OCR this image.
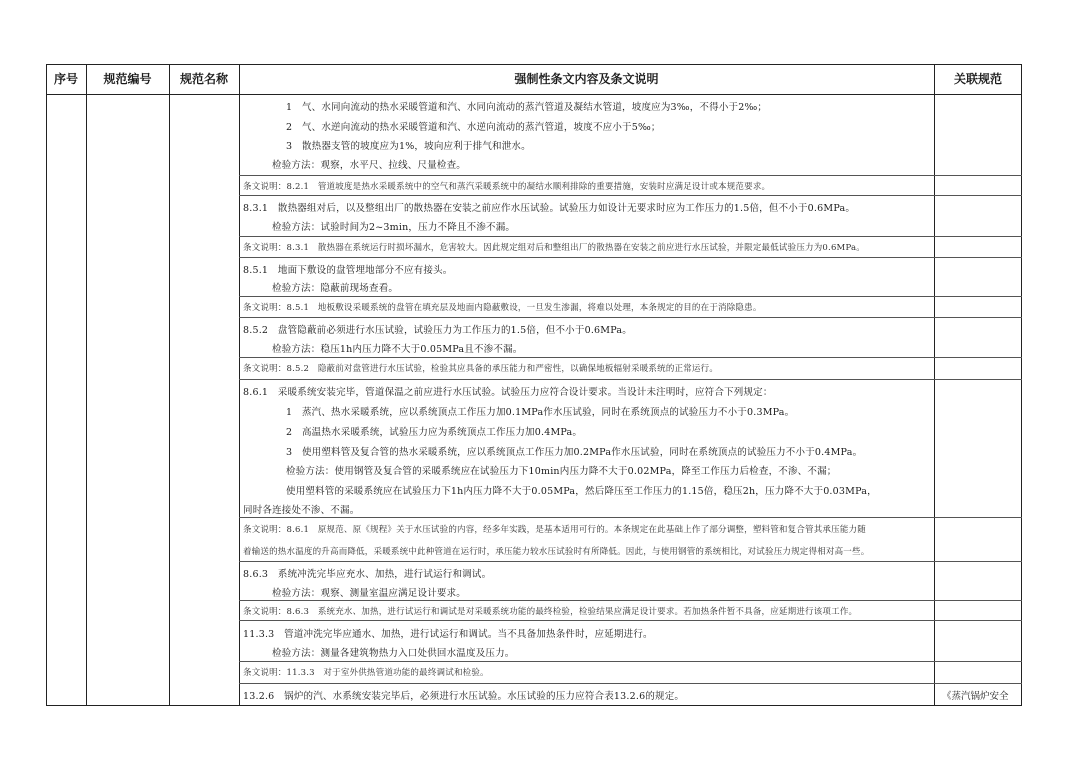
序号	规范编号	规范名称	强制性条文内容及条文说明	关联规范
1　气、水同向流动的热水采暖管道和汽、水同向流动的蒸汽管道及凝结水管道，坡度应为3‰，不得小于2‰；
2　气、水逆向流动的热水采暖管道和汽、水逆向流动的蒸汽管道，坡度不应小于5‰；
3　散热器支管的坡度应为1%，坡向应利于排气和泄水。
检验方法：观察，水平尺、拉线、尺量检查。
条文说明：8.2.1　管道坡度是热水采暖系统中的空气和蒸汽采暖系统中的凝结水顺利排除的重要措施，安装时应满足设计或本规范要求。
8.3.1　散热器组对后，以及整组出厂的散热器在安装之前应作水压试验。试验压力如设计无要求时应为工作压力的1.5倍，但不小于0.6MPa。
检验方法：试验时间为2~3min，压力不降且不渗不漏。
条文说明：8.3.1　散热器在系统运行时损坏漏水，危害较大。因此规定组对后和整组出厂的散热器在安装之前应进行水压试验，并限定最低试验压力为0.6MPa。
8.5.1　地面下敷设的盘管埋地部分不应有接头。
检验方法：隐蔽前现场查看。
条文说明：8.5.1　地板敷设采暖系统的盘管在填充层及地面内隐蔽敷设，一旦发生渗漏，将难以处理，本条规定的目的在于消除隐患。
8.5.2　盘管隐蔽前必须进行水压试验，试验压力为工作压力的1.5倍，但不小于0.6MPa。
检验方法：稳压1h内压力降不大于0.05MPa且不渗不漏。
条文说明：8.5.2　隐蔽前对盘管进行水压试验，检验其应具备的承压能力和严密性，以确保地板辐射采暖系统的正常运行。
8.6.1　采暖系统安装完毕，管道保温之前应进行水压试验。试验压力应符合设计要求。当设计未注明时，应符合下列规定：
1　蒸汽、热水采暖系统，应以系统顶点工作压力加0.1MPa作水压试验，同时在系统顶点的试验压力不小于0.3MPa。
2　高温热水采暖系统，试验压力应为系统顶点工作压力加0.4MPa。
3　使用塑料管及复合管的热水采暖系统，应以系统顶点工作压力加0.2MPa作水压试验，同时在系统顶点的试验压力不小于0.4MPa。
检验方法：使用钢管及复合管的采暖系统应在试验压力下10min内压力降不大于0.02MPa，降至工作压力后检查，不渗、不漏；
使用塑料管的采暖系统应在试验压力下1h内压力降不大于0.05MPa，然后降压至工作压力的1.15倍，稳压2h，压力降不大于0.03MPa，
同时各连接处不渗、不漏。
条文说明：8.6.1　原规范、原《规程》关于水压试验的内容，经多年实践，是基本适用可行的。本条规定在此基础上作了部分调整，塑料管和复合管其承压能力随
着输送的热水温度的升高而降低，采暖系统中此种管道在运行时，承压能力较水压试验时有所降低。因此，与使用钢管的系统相比，对试验压力规定得相对高一些。
8.6.3　系统冲洗完毕应充水、加热，进行试运行和调试。
检验方法：观察、测量室温应满足设计要求。
条文说明：8.6.3　系统充水、加热，进行试运行和调试是对采暖系统功能的最终检验，检验结果应满足设计要求。若加热条件暂不具备，应延期进行该项工作。
11.3.3　管道冲洗完毕应通水、加热，进行试运行和调试。当不具备加热条件时，应延期进行。
检验方法：测量各建筑物热力入口处供回水温度及压力。
条文说明：11.3.3　对于室外供热管道功能的最终调试和检验。
13.2.6　锅炉的汽、水系统安装完毕后，必须进行水压试验。水压试验的压力应符合表13.2.6的规定。	《蒸汽锅炉安全
